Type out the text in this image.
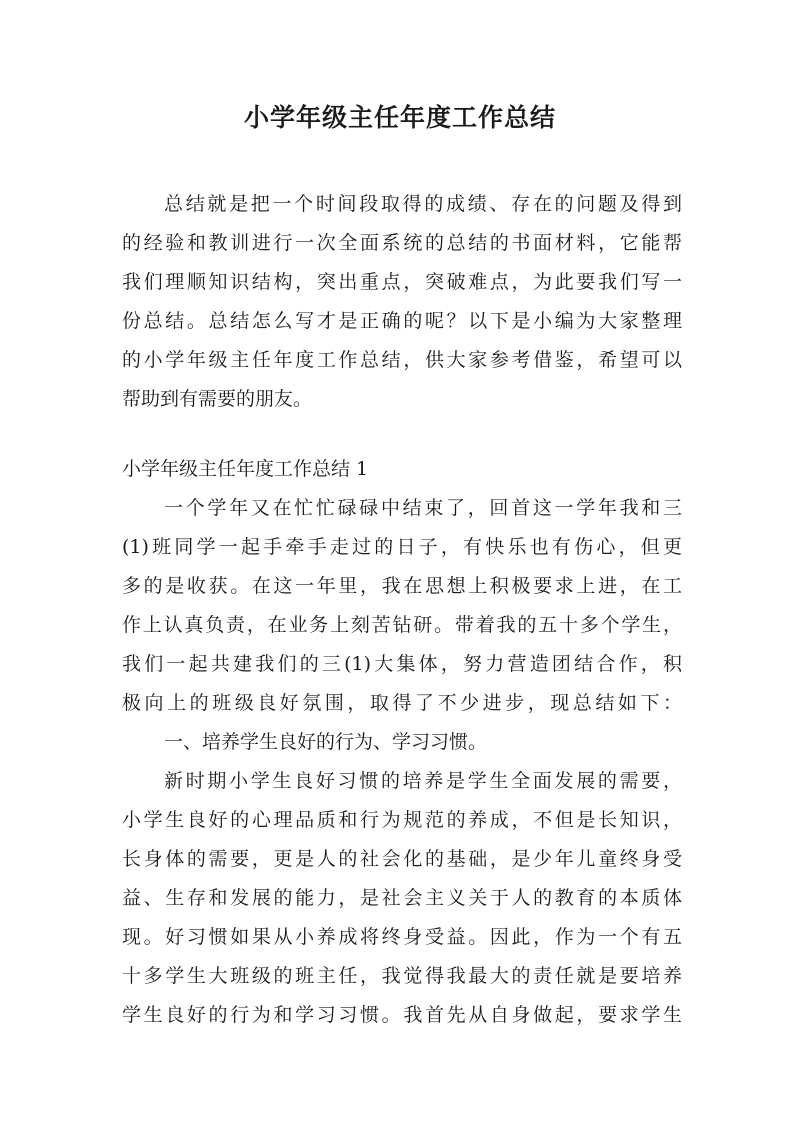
小学年级主任年度工作总结
总结就是把一个时间段取得的成绩、存在的问题及得到
的经验和教训进行一次全面系统的总结的书面材料，它能帮
我们理顺知识结构，突出重点，突破难点，为此要我们写一
份总结。总结怎么写才是正确的呢？以下是小编为大家整理
的小学年级主任年度工作总结，供大家参考借鉴，希望可以
帮助到有需要的朋友。
小学年级主任年度工作总结 1
一个学年又在忙忙碌碌中结束了，回首这一学年我和三
(1)班同学一起手牵手走过的日子，有快乐也有伤心，但更
多的是收获。在这一年里，我在思想上积极要求上进，在工
作上认真负责，在业务上刻苦钻研。带着我的五十多个学生，
我们一起共建我们的三(1)大集体，努力营造团结合作，积
极向上的班级良好氛围，取得了不少进步，现总结如下：
一、培养学生良好的行为、学习习惯。
新时期小学生良好习惯的培养是学生全面发展的需要，
小学生良好的心理品质和行为规范的养成，不但是长知识，
长身体的需要，更是人的社会化的基础，是少年儿童终身受
益、生存和发展的能力，是社会主义关于人的教育的本质体
现。好习惯如果从小养成将终身受益。因此，作为一个有五
十多学生大班级的班主任，我觉得我最大的责任就是要培养
学生良好的行为和学习习惯。我首先从自身做起，要求学生
